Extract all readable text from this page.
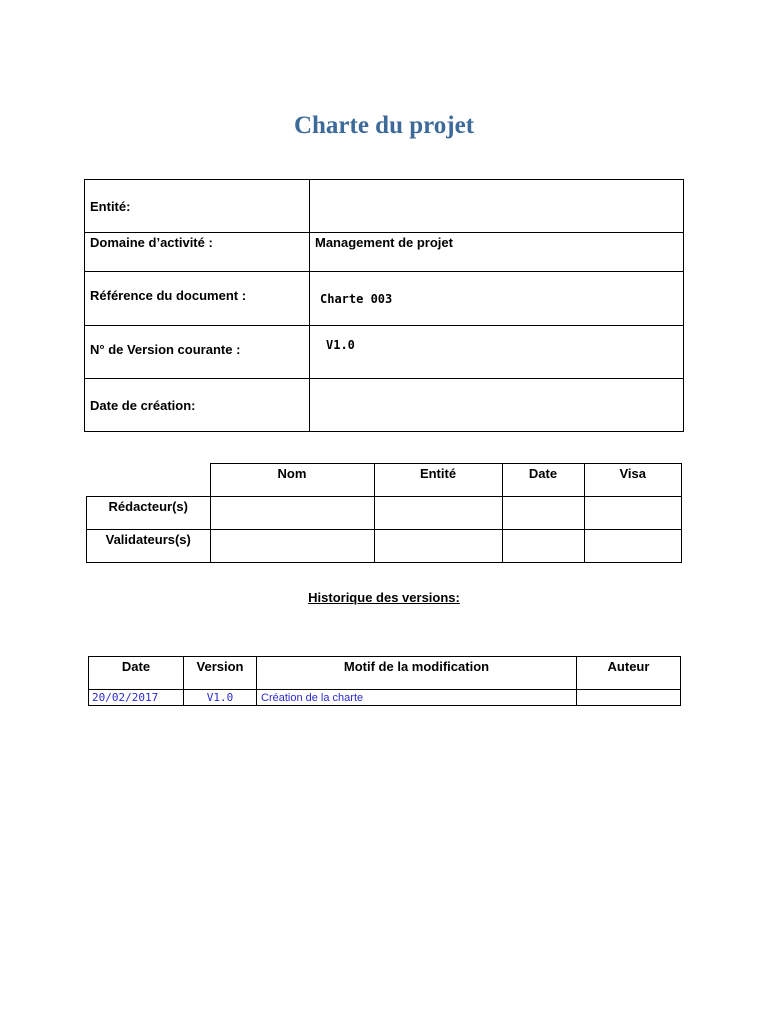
Charte du projet
Entité:	
Domaine d’activité :	Management de projet
Référence du document :	Charte 003
N° de Version courante :	V1.0
Date de création:	
	Nom	Entité	Date	Visa
Rédacteur(s)				
Validateurs(s)				
Historique des versions:
Date	Version	Motif de la modification	Auteur
20/02/2017	V1.0	Création de la charte	
